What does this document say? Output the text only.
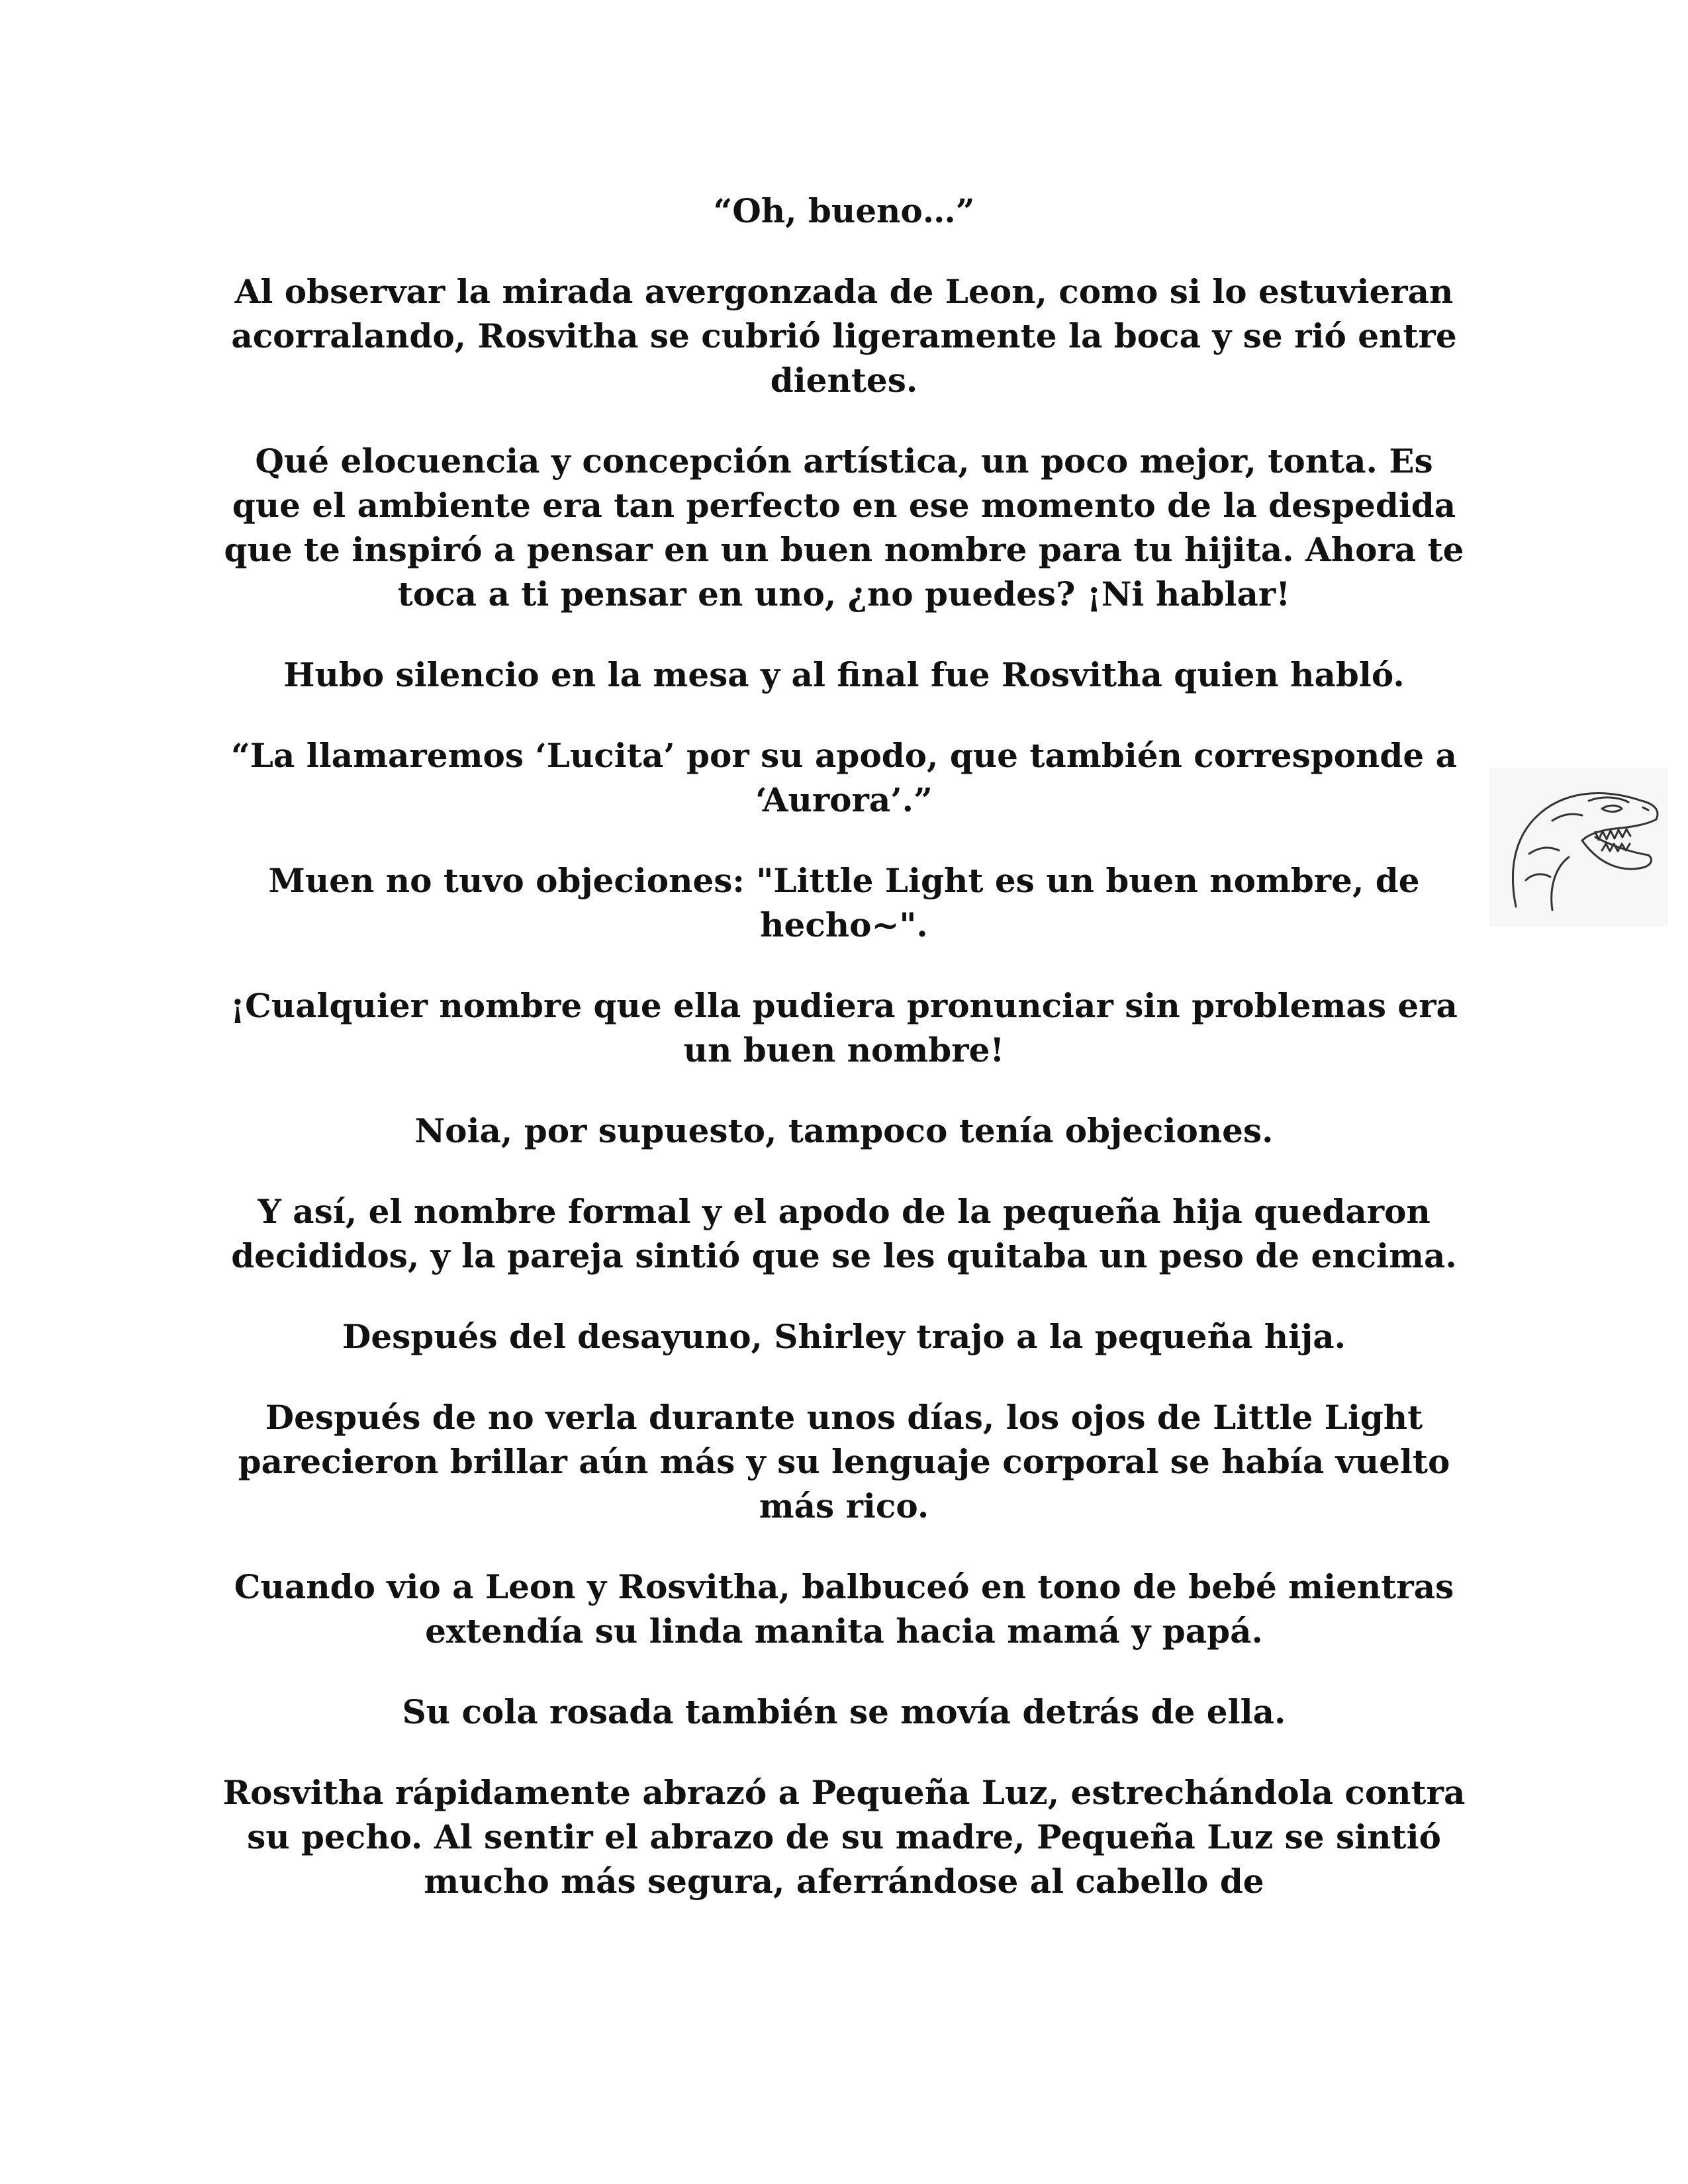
“Oh, bueno…”

Al observar la mirada avergonzada de Leon, como si lo estuvieran acorralando, Rosvitha se cubrió ligeramente la boca y se rió entre dientes.

Qué elocuencia y concepción artística, un poco mejor, tonta. Es que el ambiente era tan perfecto en ese momento de la despedida que te inspiró a pensar en un buen nombre para tu hijita. Ahora te toca a ti pensar en uno, ¿no puedes? ¡Ni hablar!

Hubo silencio en la mesa y al final fue Rosvitha quien habló.

“La llamaremos ‘Lucita’ por su apodo, que también corresponde a ‘Aurora’.”

Muen no tuvo objeciones: "Little Light es un buen nombre, de hecho~".

¡Cualquier nombre que ella pudiera pronunciar sin problemas era un buen nombre!

Noia, por supuesto, tampoco tenía objeciones.

Y así, el nombre formal y el apodo de la pequeña hija quedaron decididos, y la pareja sintió que se les quitaba un peso de encima.

Después del desayuno, Shirley trajo a la pequeña hija.

Después de no verla durante unos días, los ojos de Little Light parecieron brillar aún más y su lenguaje corporal se había vuelto más rico.

Cuando vio a Leon y Rosvitha, balbuceó en tono de bebé mientras extendía su linda manita hacia mamá y papá.

Su cola rosada también se movía detrás de ella.

Rosvitha rápidamente abrazó a Pequeña Luz, estrechándola contra su pecho. Al sentir el abrazo de su madre, Pequeña Luz se sintió mucho más segura, aferrándose al cabello de
